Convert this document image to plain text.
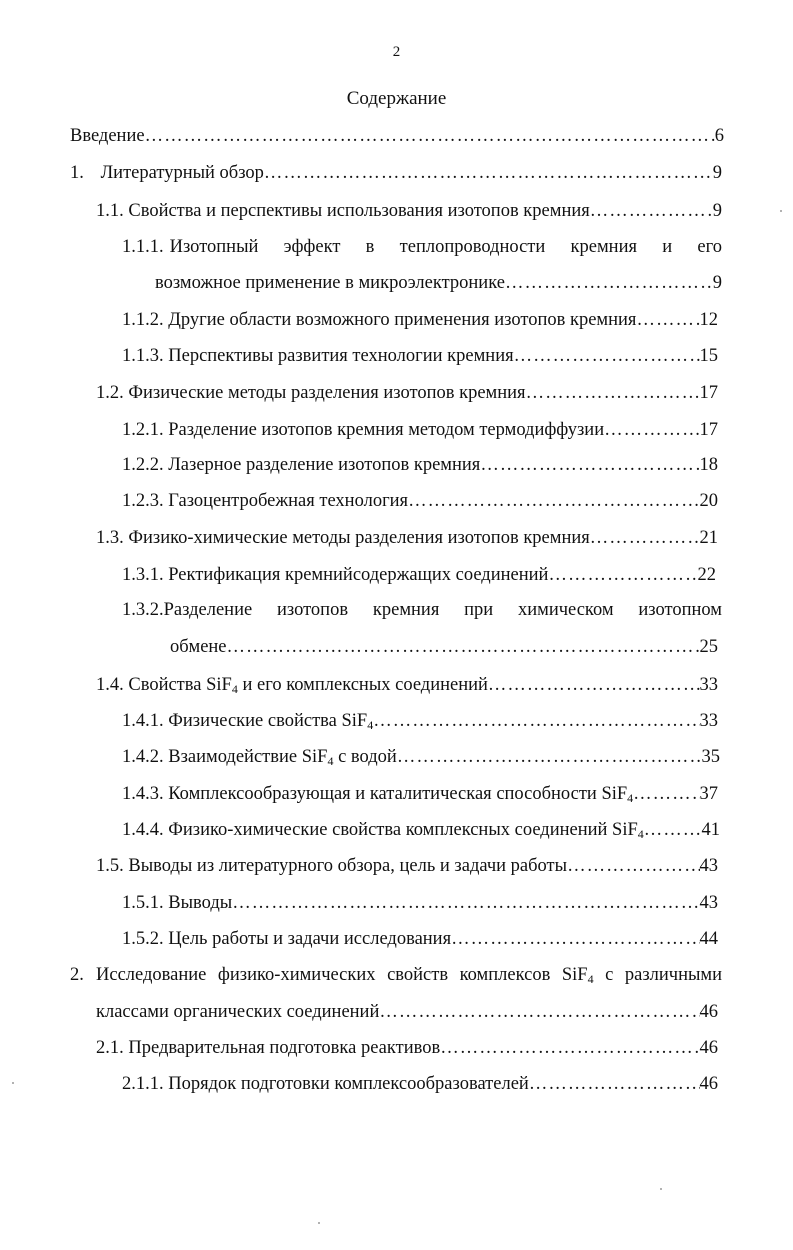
2
Содержание
Введение …………………………………………………………………………………………………………………………………………………………………………………………………………………………………	6
1. Литературный обзор …………………………………………………………………………………………………………………………………………………………………………………………………………………………………	9
1.1. Свойства и перспективы использования изотопов кремния …………………………………………………………………………………………………………………………………………………………………………………………………………………………………	9
1.1.1. Изотопный эффект в теплопроводности кремния и его
возможное применение в микроэлектронике …………………………………………………………………………………………………………………………………………………………………………………………………………………………………	9
1.1.2. Другие области возможного применения изотопов кремния …………………………………………………………………………………………………………………………………………………………………………………………………………………………………	12
1.1.3. Перспективы развития технологии кремния …………………………………………………………………………………………………………………………………………………………………………………………………………………………………	15
1.2. Физические методы разделения изотопов кремния …………………………………………………………………………………………………………………………………………………………………………………………………………………………………	17
1.2.1. Разделение изотопов кремния методом термодиффузии …………………………………………………………………………………………………………………………………………………………………………………………………………………………………	17
1.2.2. Лазерное разделение изотопов кремния …………………………………………………………………………………………………………………………………………………………………………………………………………………………………	18
1.2.3. Газоцентробежная технология …………………………………………………………………………………………………………………………………………………………………………………………………………………………………	20
1.3. Физико-химические методы разделения изотопов кремния …………………………………………………………………………………………………………………………………………………………………………………………………………………………………	21
1.3.1. Ректификация кремнийсодержащих соединений …………………………………………………………………………………………………………………………………………………………………………………………………………………………………	22
1.3.2. Разделение изотопов кремния при химическом изотопном
обмене …………………………………………………………………………………………………………………………………………………………………………………………………………………………………	25
1.4. Свойства SiF$_4$ и его комплексных соединений …………………………………………………………………………………………………………………………………………………………………………………………………………………………………	33
1.4.1. Физические свойства SiF$_4$ …………………………………………………………………………………………………………………………………………………………………………………………………………………………………	33
1.4.2. Взаимодействие SiF$_4$ с водой …………………………………………………………………………………………………………………………………………………………………………………………………………………………………	35
1.4.3. Комплексообразующая и каталитическая способности SiF$_4$ …………………………………………………………………………………………………………………………………………………………………………………………………………………………………	37
1.4.4. Физико-химические свойства комплексных соединений SiF$_4$ …………………………………………………………………………………………………………………………………………………………………………………………………………………………………	41
1.5. Выводы из литературного обзора, цель и задачи работы …………………………………………………………………………………………………………………………………………………………………………………………………………………………………	43
1.5.1. Выводы …………………………………………………………………………………………………………………………………………………………………………………………………………………………………	43
1.5.2. Цель работы и задачи исследования …………………………………………………………………………………………………………………………………………………………………………………………………………………………………	44
2. Исследование физико-химических свойств комплексов SiF$_4$ с различными
классами органических соединений …………………………………………………………………………………………………………………………………………………………………………………………………………………………………	46
2.1. Предварительная подготовка реактивов …………………………………………………………………………………………………………………………………………………………………………………………………………………………………	46
2.1.1. Порядок подготовки комплексообразователей …………………………………………………………………………………………………………………………………………………………………………………………………………………………………	46
